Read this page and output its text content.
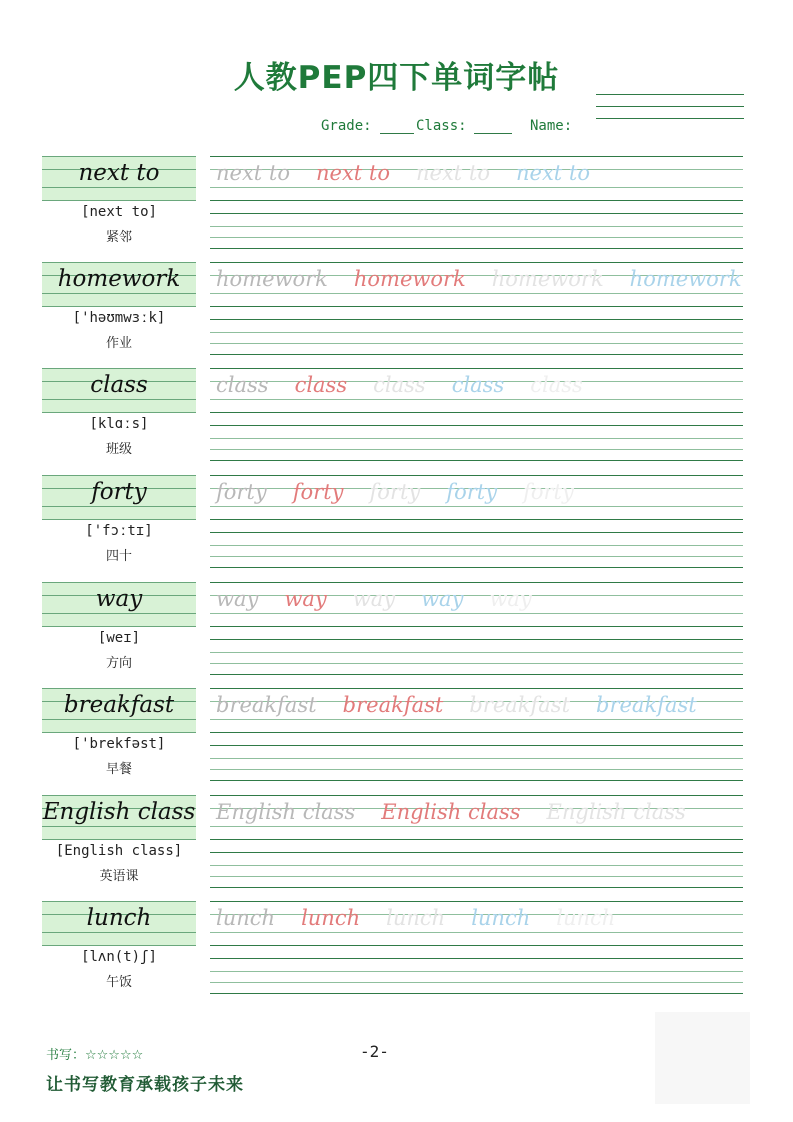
人教PEP四下单词字帖
Grade:	Class:	Name:
next to
[next to]
紧邻
next to next to next to next to
homework
['həʊmwɜːk]
作业
homework homework homework homework
class
[klɑːs]
班级
class class class class class
forty
['fɔːtɪ]
四十
forty forty forty forty forty
way
[weɪ]
方向
way way way way way
breakfast
['brekfəst]
早餐
breakfast breakfast breakfast breakfast
English class
[English class]
英语课
English class English class English class
lunch
[lʌn(t)ʃ]
午饭
lunch lunch lunch lunch lunch
书写：☆☆☆☆☆	-2-
让书写教育承载孩子未来
